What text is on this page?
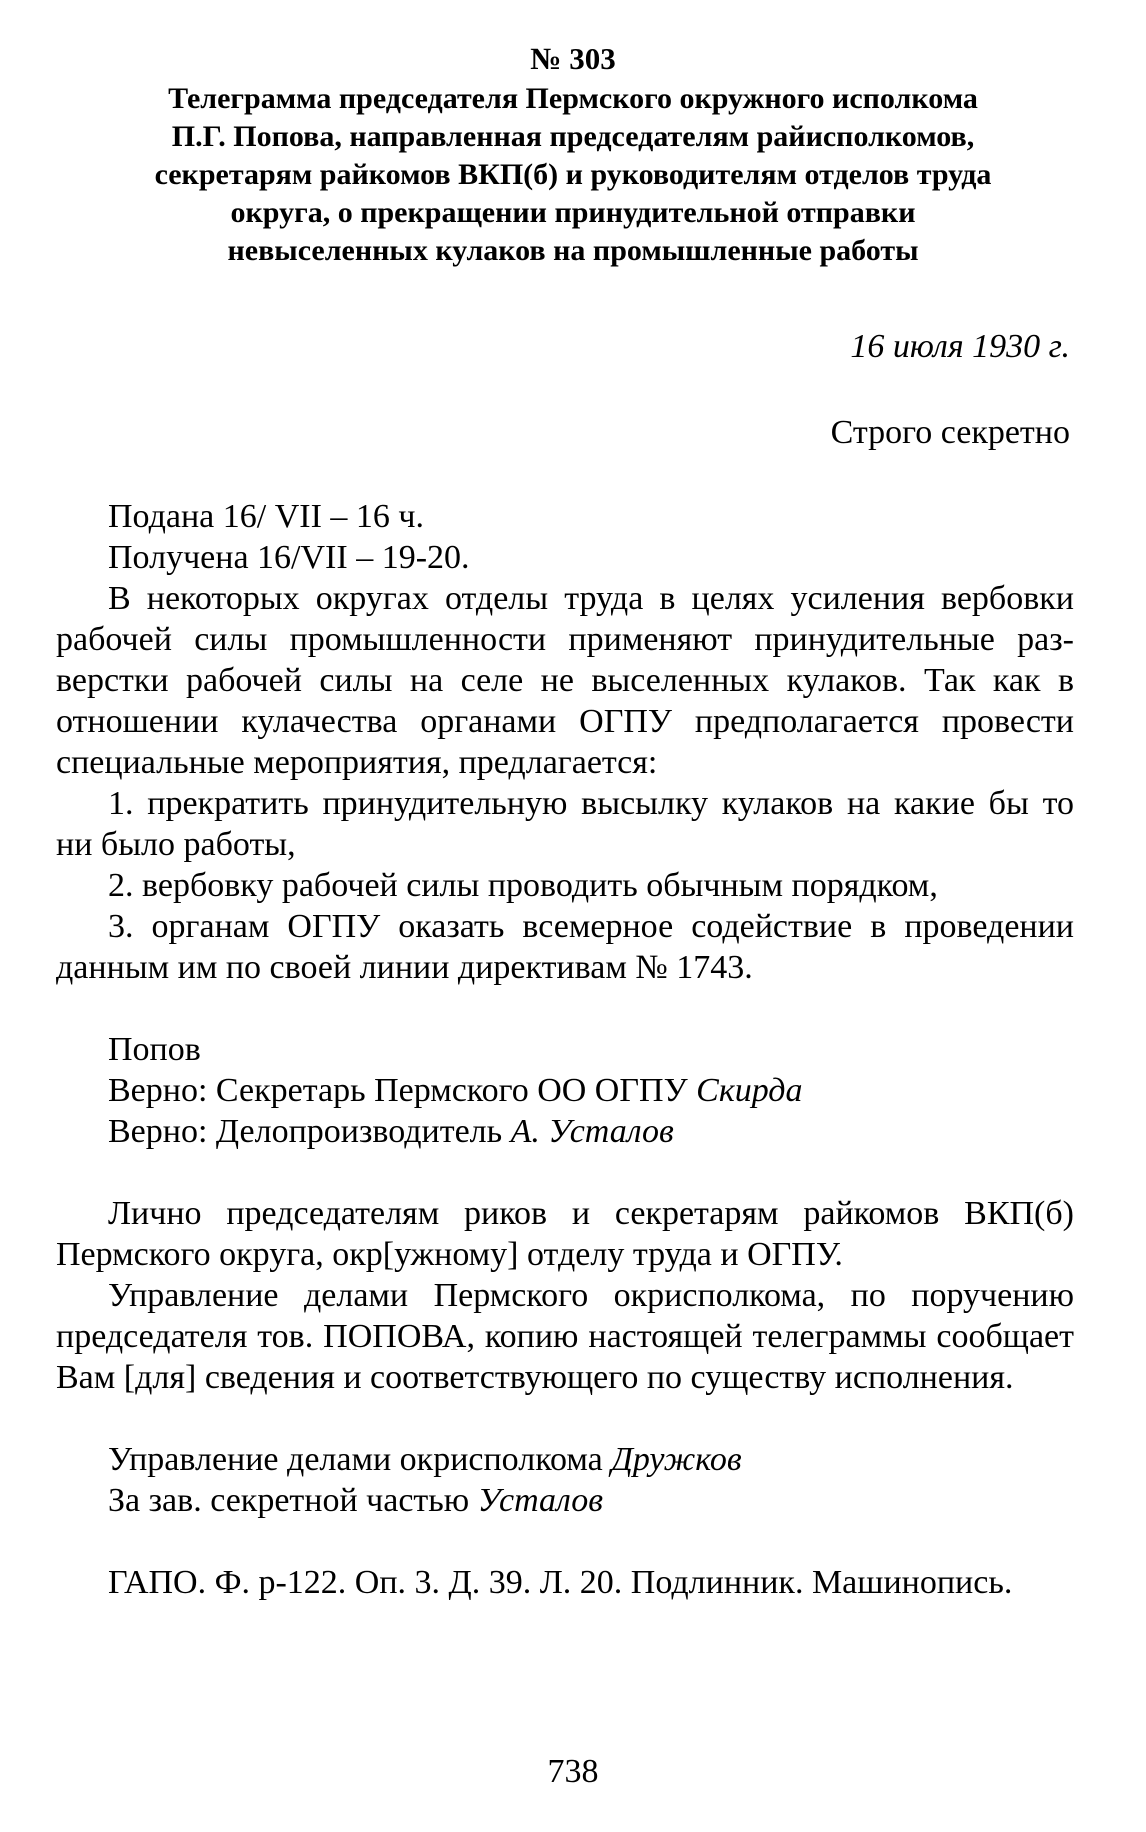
№ 303
Телеграмма председателя Пермского окружного исполкома
П.Г. Попова, направленная председателям райисполкомов,
секретарям райкомов ВКП(б) и руководителям отделов труда
округа, о прекращении принудительной отправки
невыселенных кулаков на промышленные работы
16 июля 1930 г.
Строго секретно

Подана 16/ VII – 16 ч.

Получена 16/VII – 19-20.

В некоторых округах отделы труда в целях усиления вербовки рабочей силы промышленности применяют принудительные разверстки рабочей силы на селе не выселенных кулаков. Так как в отношении кулачества органами ОГПУ предполагается провести специальные мероприятия, предлагается:

1. прекратить принудительную высылку кулаков на какие бы то ни было работы,

2. вербовку рабочей силы проводить обычным порядком,

3. органам ОГПУ оказать всемерное содействие в проведении данным им по своей линии директивам № 1743.

Попов

Верно: Секретарь Пермского ОО ОГПУ Скирда

Верно: Делопроизводитель А. Усталов

Лично председателям риков и секретарям райкомов ВКП(б) Пермского округа, окр[ужному] отделу труда и ОГПУ.

Управление делами Пермского окрисполкома, по поручению председателя тов. ПОПОВА, копию настоящей телеграммы сообщает Вам [для] сведения и соответствующего по существу исполнения.

Управление делами окрисполкома Дружков

За зав. секретной частью Усталов

ГАПО. Ф. р-122. Оп. 3. Д. 39. Л. 20. Подлинник. Машинопись.

738
